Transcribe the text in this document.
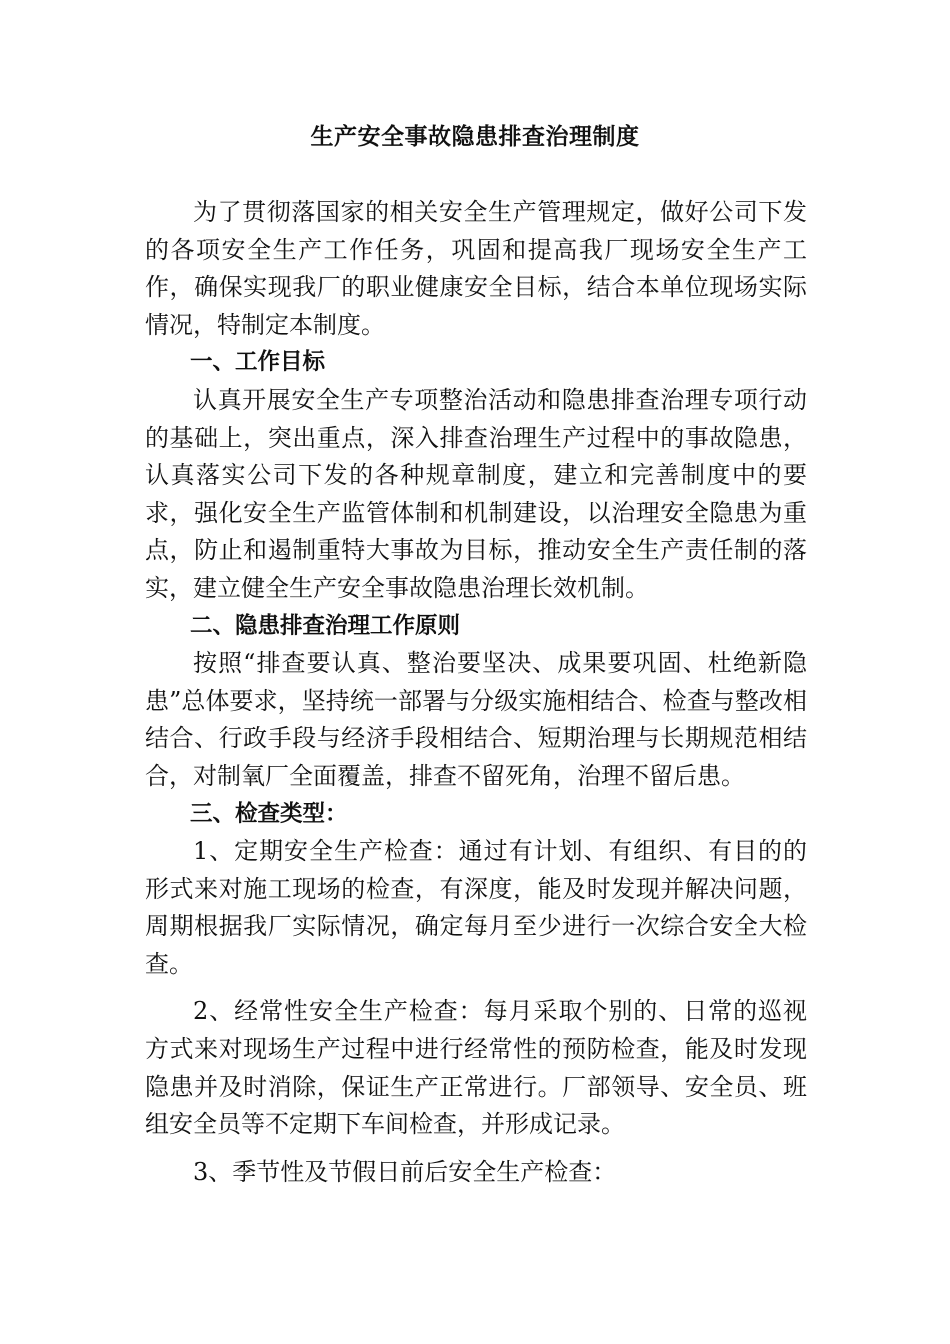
生产安全事故隐患排查治理制度

为了贯彻落国家的相关安全生产管理规定，做好公司下发的各项安全生产工作任务，巩固和提高我厂现场安全生产工作，确保实现我厂的职业健康安全目标，结合本单位现场实际情况，特制定本制度。

一、工作目标

认真开展安全生产专项整治活动和隐患排查治理专项行动的基础上，突出重点，深入排查治理生产过程中的事故隐患，认真落实公司下发的各种规章制度，建立和完善制度中的要求，强化安全生产监管体制和机制建设，以治理安全隐患为重点，防止和遏制重特大事故为目标，推动安全生产责任制的落实，建立健全生产安全事故隐患治理长效机制。

二、隐患排查治理工作原则

按照“排查要认真、整治要坚决、成果要巩固、杜绝新隐患”总体要求，坚持统一部署与分级实施相结合、检查与整改相结合、行政手段与经济手段相结合、短期治理与长期规范相结合，对制氧厂全面覆盖，排查不留死角，治理不留后患。

三、检查类型：

1、定期安全生产检查：通过有计划、有组织、有目的的形式来对施工现场的检查，有深度，能及时发现并解决问题，周期根据我厂实际情况，确定每月至少进行一次综合安全大检查。

2、经常性安全生产检查：每月采取个别的、日常的巡视方式来对现场生产过程中进行经常性的预防检查，能及时发现隐患并及时消除，保证生产正常进行。厂部领导、安全员、班组安全员等不定期下车间检查，并形成记录。

3、季节性及节假日前后安全生产检查：
